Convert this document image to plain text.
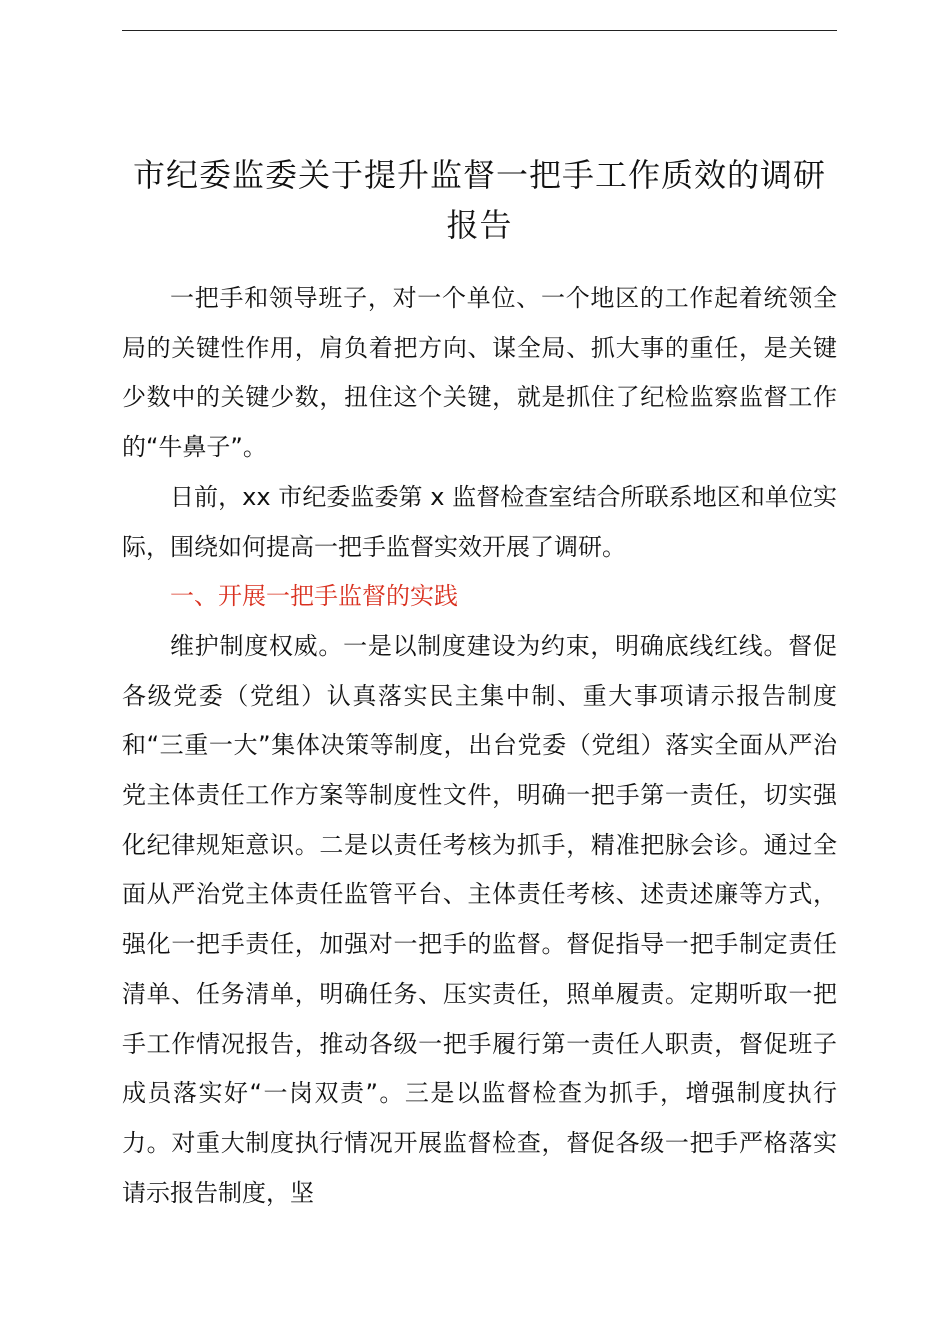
市纪委监委关于提升监督一把手工作质效的调研报告

一把手和领导班子，对一个单位、一个地区的工作起着统领全局的关键性作用，肩负着把方向、谋全局、抓大事的重任，是关键少数中的关键少数，扭住这个关键，就是抓住了纪检监察监督工作的“牛鼻子”。

日前，xx 市纪委监委第 x 监督检查室结合所联系地区和单位实际，围绕如何提高一把手监督实效开展了调研。

一、开展一把手监督的实践

维护制度权威。一是以制度建设为约束，明确底线红线。督促各级党委（党组）认真落实民主集中制、重大事项请示报告制度和“三重一大”集体决策等制度，出台党委（党组）落实全面从严治党主体责任工作方案等制度性文件，明确一把手第一责任，切实强化纪律规矩意识。二是以责任考核为抓手，精准把脉会诊。通过全面从严治党主体责任监管平台、主体责任考核、述责述廉等方式，强化一把手责任，加强对一把手的监督。督促指导一把手制定责任清单、任务清单，明确任务、压实责任，照单履责。定期听取一把手工作情况报告，推动各级一把手履行第一责任人职责，督促班子成员落实好“一岗双责”。三是以监督检查为抓手，增强制度执行力。对重大制度执行情况开展监督检查，督促各级一把手严格落实请示报告制度，坚
